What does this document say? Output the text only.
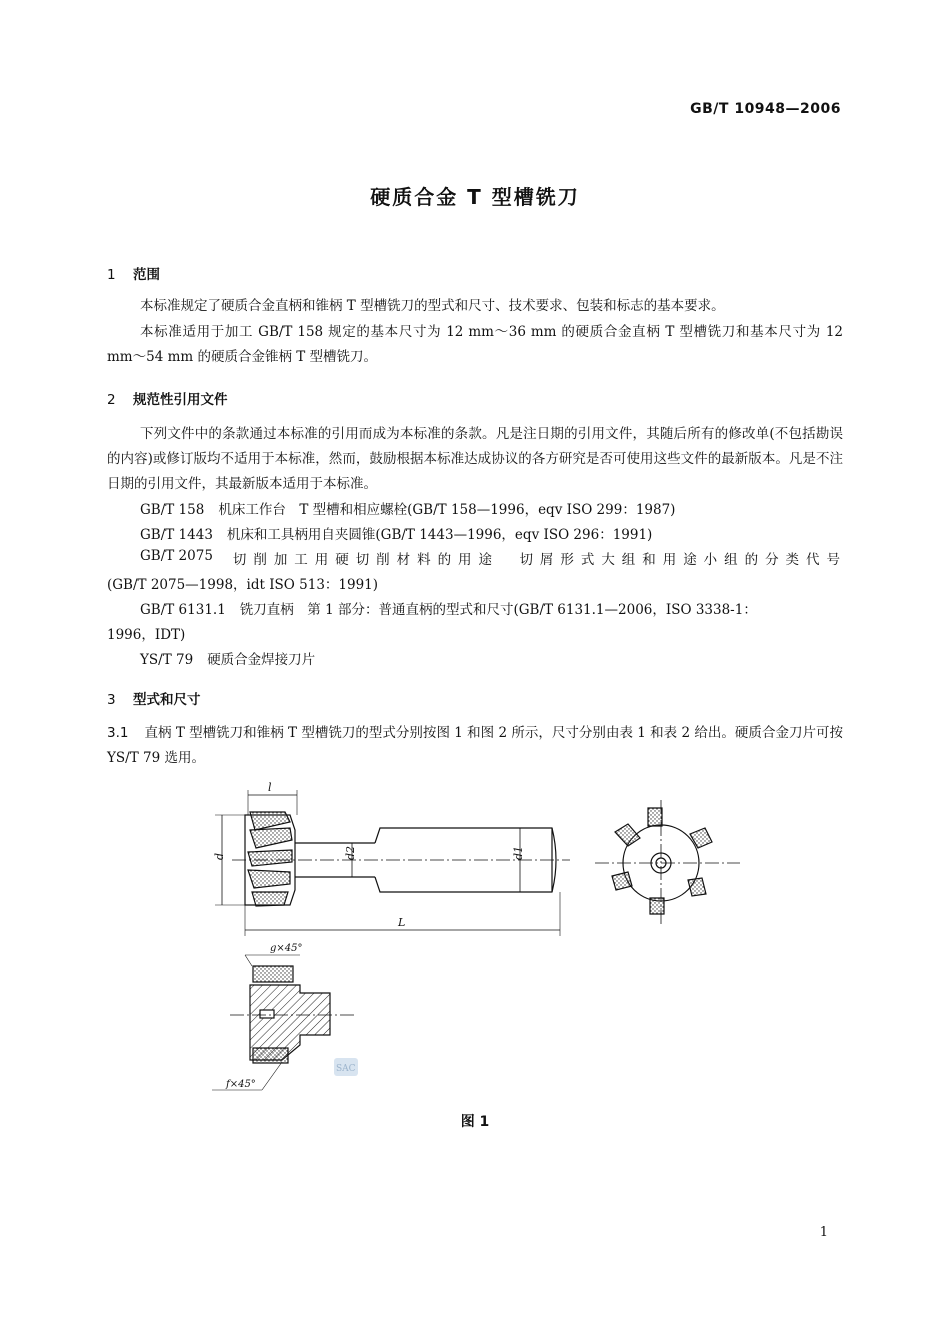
GB/T 10948—2006
硬质合金 T 型槽铣刀
1 范围
本标准规定了硬质合金直柄和锥柄 T 型槽铣刀的型式和尺寸、技术要求、包装和标志的基本要求。
本标准适用于加工 GB/T 158 规定的基本尺寸为 12 mm～36 mm 的硬质合金直柄 T 型槽铣刀和基本尺寸为 12 mm～54 mm 的硬质合金锥柄 T 型槽铣刀。
2 规范性引用文件
下列文件中的条款通过本标准的引用而成为本标准的条款。凡是注日期的引用文件，其随后所有的修改单(不包括勘误的内容)或修订版均不适用于本标准，然而，鼓励根据本标准达成协议的各方研究是否可使用这些文件的最新版本。凡是不注日期的引用文件，其最新版本适用于本标准。
GB/T 158 机床工作台　T 型槽和相应螺栓(GB/T 158—1996，eqv ISO 299：1987)
GB/T 1443 机床和工具柄用自夹圆锥(GB/T 1443—1996，eqv ISO 296：1991)
GB/T 2075 切削加工用硬切削材料的用途　切屑形式大组和用途小组的分类代号
(GB/T 2075—1998，idt ISO 513：1991)
GB/T 6131.1 铣刀直柄　第 1 部分：普通直柄的型式和尺寸(GB/T 6131.1—2006，ISO 3338-1：
1996，IDT)
YS/T 79 硬质合金焊接刀片
3 型式和尺寸
3.1 直柄 T 型槽铣刀和锥柄 T 型槽铣刀的型式分别按图 1 和图 2 所示，尺寸分别由表 1 和表 2 给出。硬质合金刀片可按 YS/T 79 选用。
l
d	d2	d1
L
g×45°
f×45°
SAC
图 1
1
